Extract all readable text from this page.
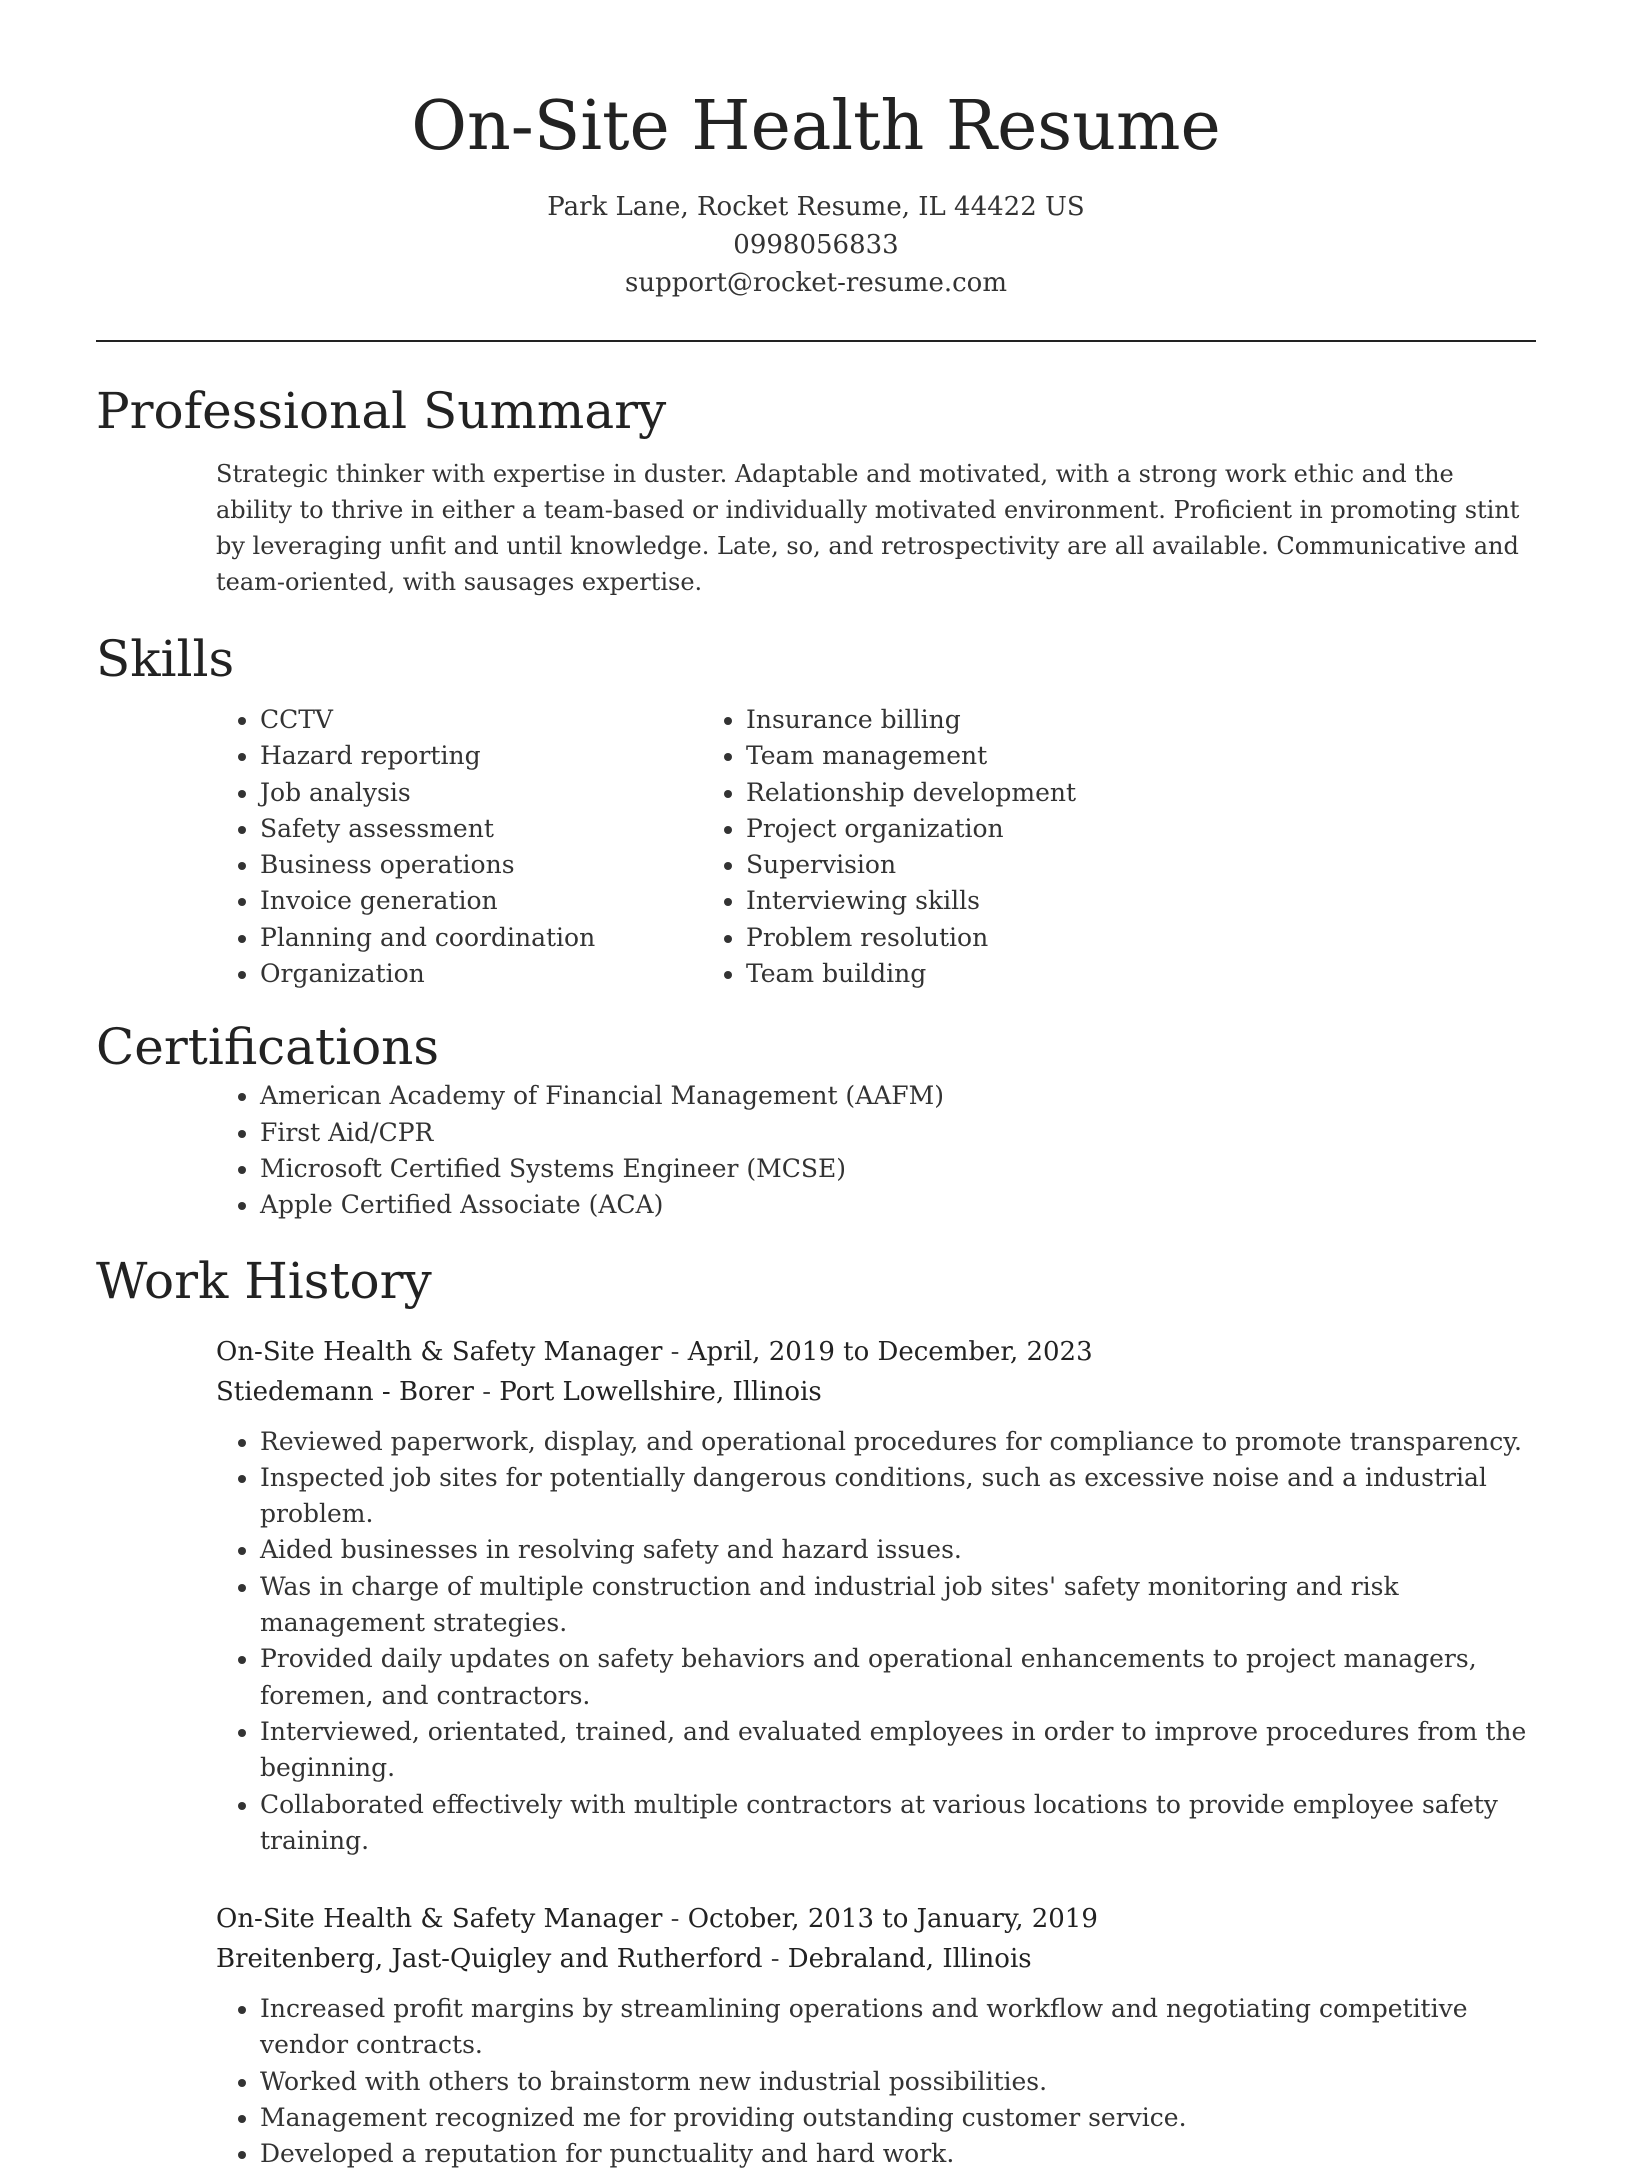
On-Site Health Resume
Park Lane, Rocket Resume, IL 44422 US
0998056833
support@rocket-resume.com
Professional Summary

Strategic thinker with expertise in duster. Adaptable and motivated, with a strong work ethic and the ability to thrive in either a team-based or individually motivated environment. Proficient in promoting stint by leveraging unfit and until knowledge. Late, so, and retrospectivity are all available. Communicative and team-oriented, with sausages expertise.

Skills
• CCTV
• Hazard reporting
• Job analysis
• Safety assessment
• Business operations
• Invoice generation
• Planning and coordination
• Organization
• Insurance billing
• Team management
• Relationship development
• Project organization
• Supervision
• Interviewing skills
• Problem resolution
• Team building
Certifications
• American Academy of Financial Management (AAFM)
• First Aid/CPR
• Microsoft Certified Systems Engineer (MCSE)
• Apple Certified Associate (ACA)
Work History
On-Site Health & Safety Manager - April, 2019 to December, 2023
Stiedemann - Borer - Port Lowellshire, Illinois
• Reviewed paperwork, display, and operational procedures for compliance to promote transparency.
• Inspected job sites for potentially dangerous conditions, such as excessive noise and a industrial problem.
• Aided businesses in resolving safety and hazard issues.
• Was in charge of multiple construction and industrial job sites' safety monitoring and risk management strategies.
• Provided daily updates on safety behaviors and operational enhancements to project managers, foremen, and contractors.
• Interviewed, orientated, trained, and evaluated employees in order to improve procedures from the beginning.
• Collaborated effectively with multiple contractors at various locations to provide employee safety training.
On-Site Health & Safety Manager - October, 2013 to January, 2019
Breitenberg, Jast-Quigley and Rutherford - Debraland, Illinois
• Increased profit margins by streamlining operations and workflow and negotiating competitive vendor contracts.
• Worked with others to brainstorm new industrial possibilities.
• Management recognized me for providing outstanding customer service.
• Developed a reputation for punctuality and hard work.
